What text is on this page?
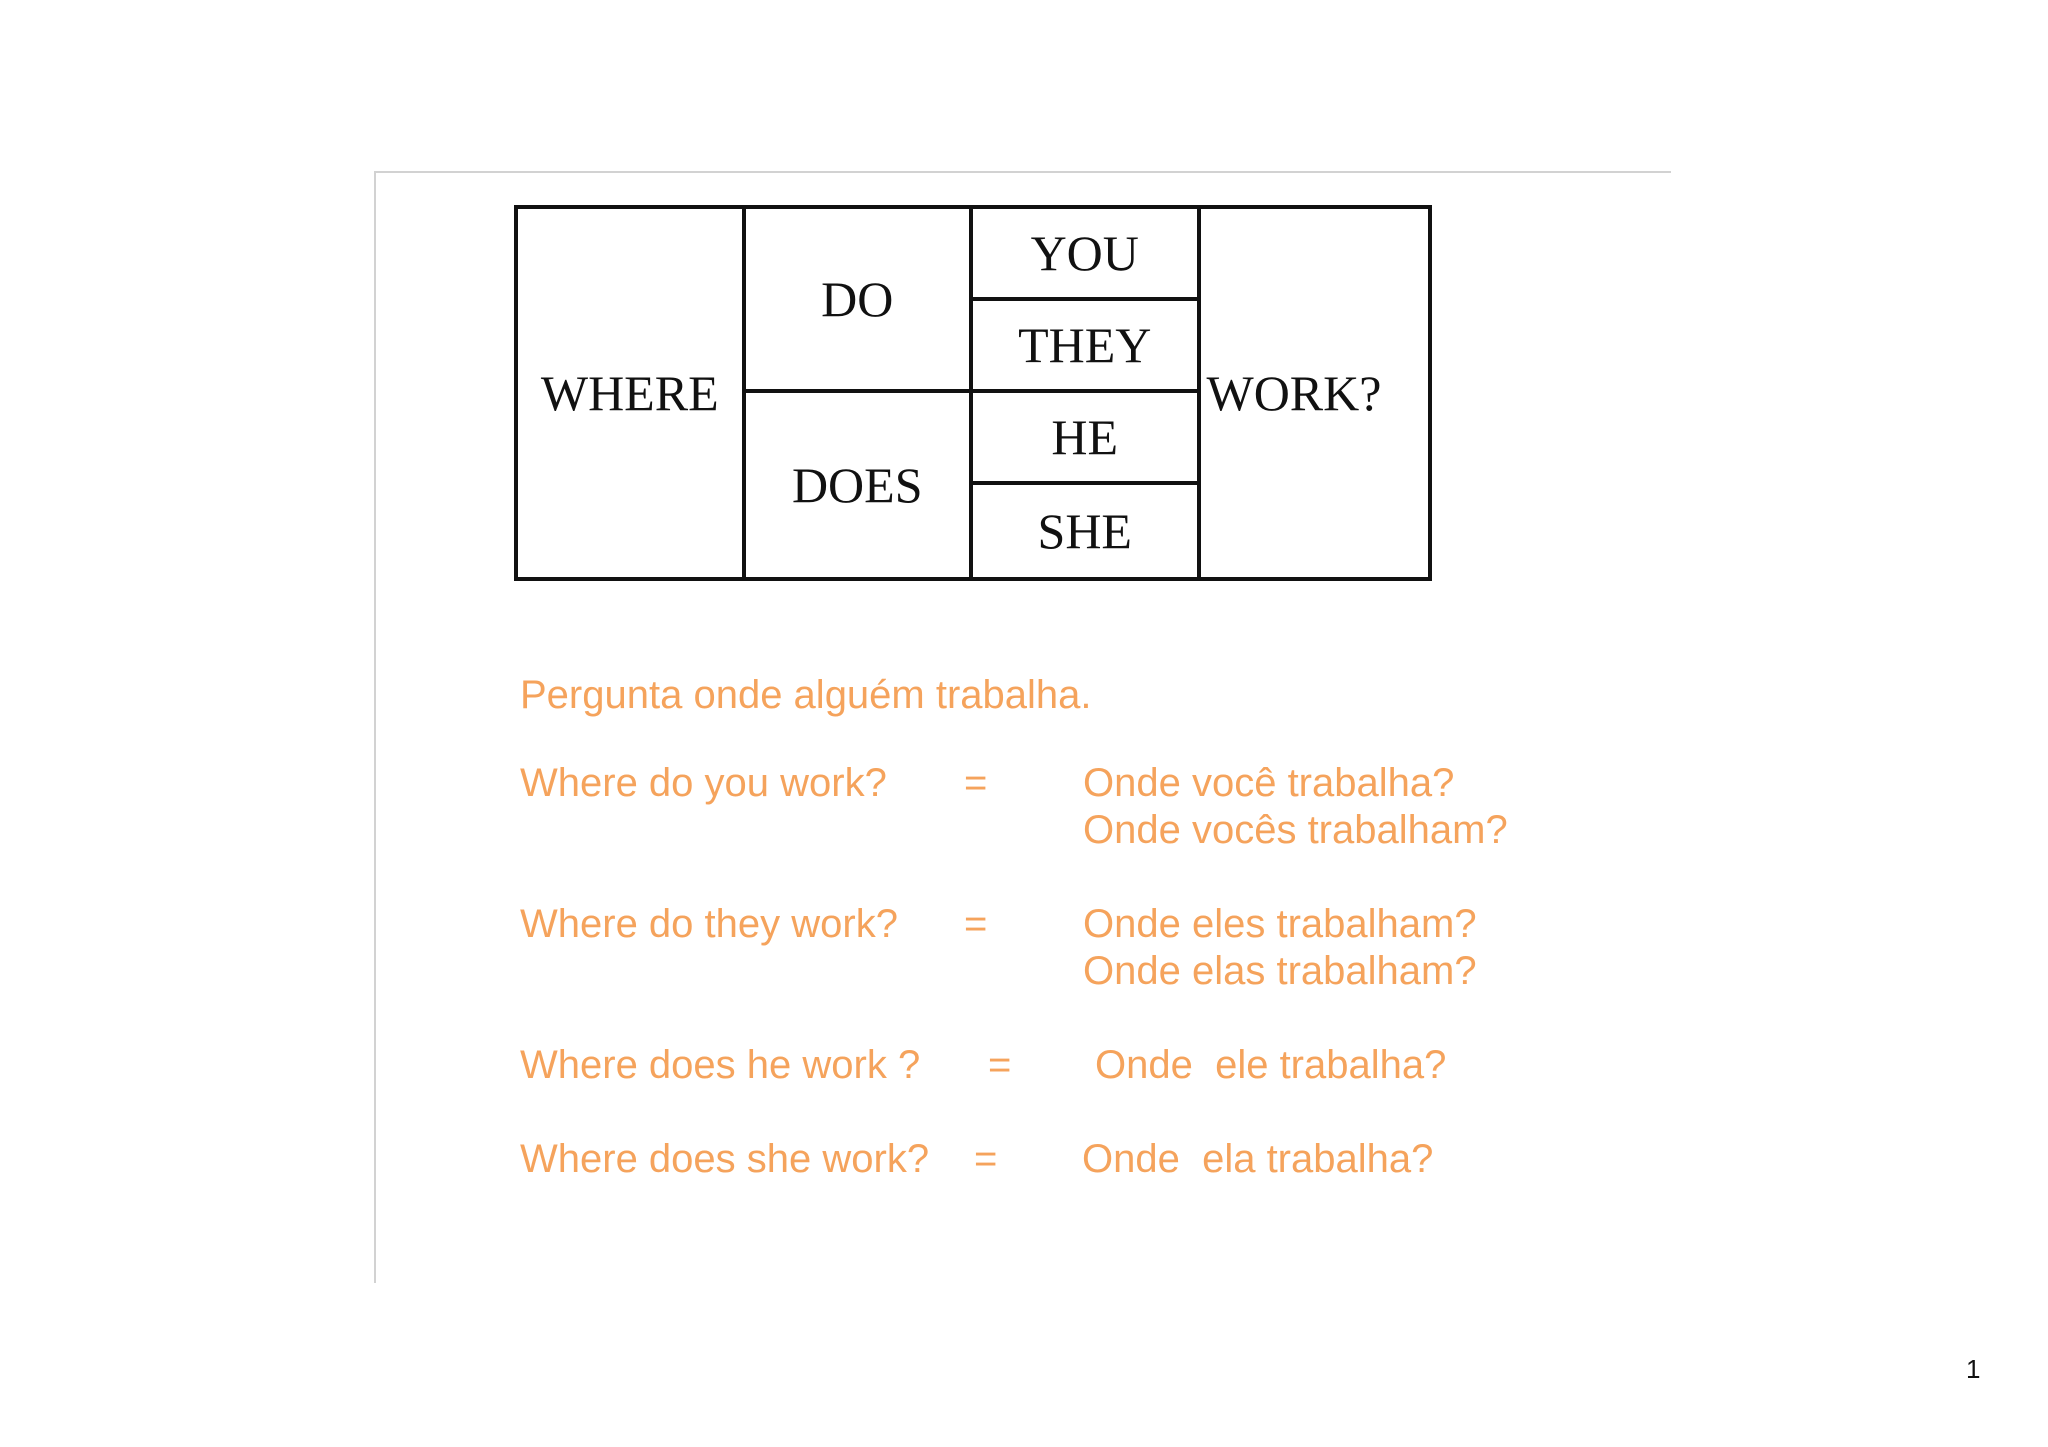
WHERE
DO
DOES
YOU
THEY
HE
SHE
WORK?
Pergunta onde alguém trabalha.
Where do you work? = Onde você trabalha?
Onde vocês trabalham?
Where do they work? = Onde eles trabalham?
Onde elas trabalham?
Where does he work ? = Onde  ele trabalha?
Where does she work? = Onde  ela trabalha?
1
